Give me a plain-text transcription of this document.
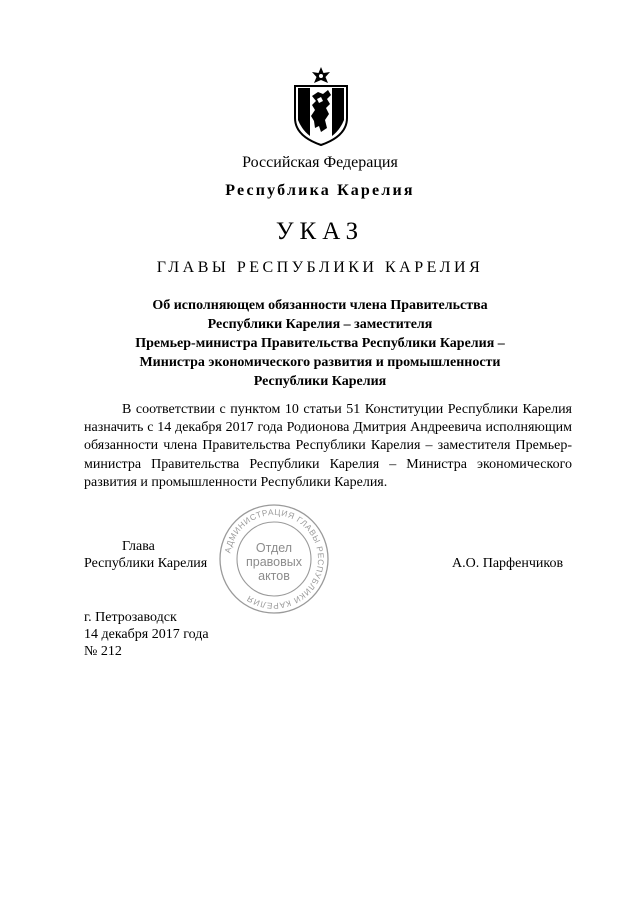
Российская Федерация
Республика Карелия
УКАЗ
ГЛАВЫ РЕСПУБЛИКИ КАРЕЛИЯ
Об исполняющем обязанности члена Правительства
Республики Карелия – заместителя
Премьер-министра Правительства Республики Карелия –
Министра экономического развития и промышленности
Республики Карелия
В соответствии с пунктом 10 статьи 51 Конституции Республики Карелия назначить с 14 декабря 2017 года Родионова Дмитрия Андреевича исполняющим обязанности члена Правительства Республики Карелия – заместителя Премьер-министра Правительства Республики Карелия – Министра экономического развития и промышленности Республики Карелия.
АДМИНИСТРАЦИЯ ГЛАВЫ РЕСПУБЛИКИ КАРЕЛИЯ
Отдел
правовых
актов
Глава
Республики Карелия	А.О. Парфенчиков
г. Петрозаводск
14 декабря 2017 года
№ 212
